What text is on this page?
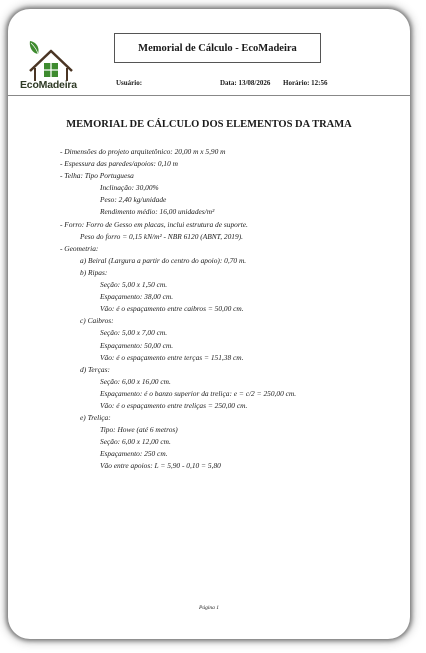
EcoMadeira
Memorial de Cálculo - EcoMadeira
Usuário:	Data: 13/08/2026 Horário: 12:56
MEMORIAL DE CÁLCULO DOS ELEMENTOS DA TRAMA
- Dimensões do projeto arquitetônico: 20,00 m x 5,90 m
- Espessura das paredes/apoios: 0,10 m
- Telha: Tipo Portuguesa
Inclinação: 30,00%
Peso: 2,40 kg/unidade
Rendimento médio: 16,00 unidades/m²
- Forro: Forro de Gesso em placas, inclui estrutura de suporte.
Peso do forro = 0,15 kN/m² - NBR 6120 (ABNT, 2019).
- Geometria:
a) Beiral (Largura a partir do centro do apoio): 0,70 m.
b) Ripas:
Seção: 5,00 x 1,50 cm.
Espaçamento: 38,00 cm.
Vão: é o espaçamento entre caibros = 50,00 cm.
c) Caibros:
Seção: 5,00 x 7,00 cm.
Espaçamento: 50,00 cm.
Vão: é o espaçamento entre terças = 151,38 cm.
d) Terças:
Seção: 6,00 x 16,00 cm.
Espaçamento: é o banzo superior da treliça: e = c/2 = 250,00 cm.
Vão: é o espaçamento entre treliças = 250,00 cm.
e) Treliça:
Tipo: Howe (até 6 metros)
Seção: 6,00 x 12,00 cm.
Espaçamento: 250 cm.
Vão entre apoios: L = 5,90 - 0,10 = 5,80
Página 1
